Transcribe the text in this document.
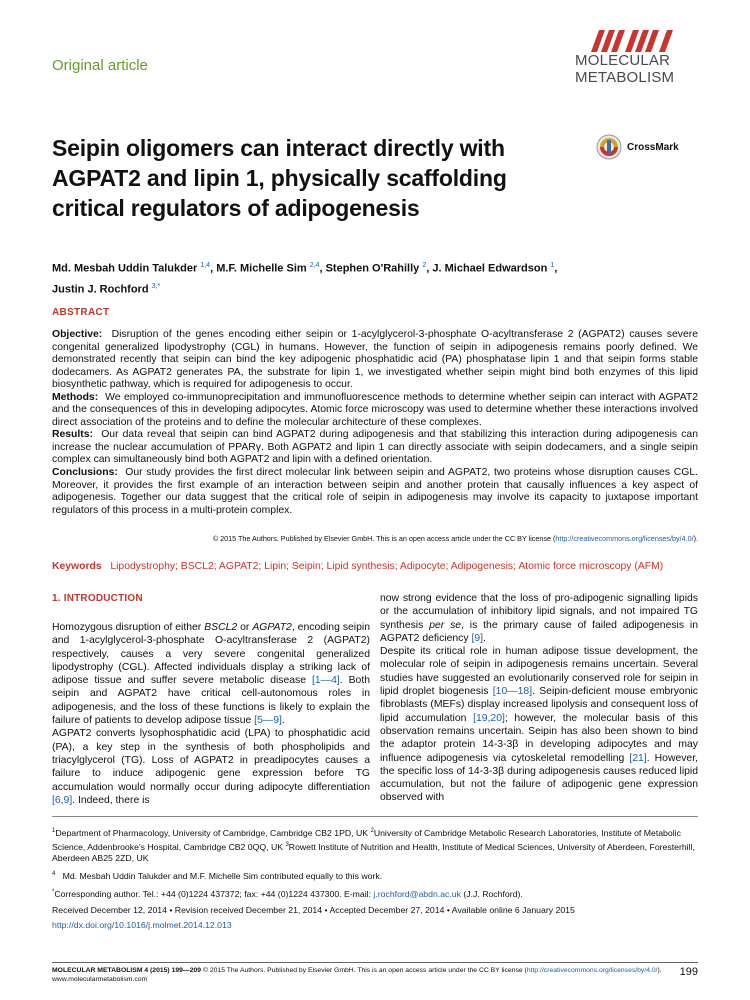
Original article	MOLECULAR
METABOLISM
Seipin oligomers can interact directly with AGPAT2 and lipin 1, physically scaffolding critical regulators of adipogenesis
CrossMark
Md. Mesbah Uddin Talukder $^{1,4}$, M.F. Michelle Sim $^{2,4}$, Stephen O'Rahilly $^2$, J. Michael Edwardson $^1$,
Justin J. Rochford $^{3,*}$
ABSTRACT

Objective: Disruption of the genes encoding either seipin or 1-acylglycerol-3-phosphate O-acyltransferase 2 (AGPAT2) causes severe congenital generalized lipodystrophy (CGL) in humans. However, the function of seipin in adipogenesis remains poorly defined. We demonstrated recently that seipin can bind the key adipogenic phosphatidic acid (PA) phosphatase lipin 1 and that seipin forms stable dodecamers. As AGPAT2 generates PA, the substrate for lipin 1, we investigated whether seipin might bind both enzymes of this lipid biosynthetic pathway, which is required for adipogenesis to occur.

Methods: We employed co-immunoprecipitation and immunofluorescence methods to determine whether seipin can interact with AGPAT2 and the consequences of this in developing adipocytes. Atomic force microscopy was used to determine whether these interactions involved direct association of the proteins and to define the molecular architecture of these complexes.

Results: Our data reveal that seipin can bind AGPAT2 during adipogenesis and that stabilizing this interaction during adipogenesis can increase the nuclear accumulation of PPARγ. Both AGPAT2 and lipin 1 can directly associate with seipin dodecamers, and a single seipin complex can simultaneously bind both AGPAT2 and lipin with a defined orientation.

Conclusions: Our study provides the first direct molecular link between seipin and AGPAT2, two proteins whose disruption causes CGL. Moreover, it provides the first example of an interaction between seipin and another protein that causally influences a key aspect of adipogenesis. Together our data suggest that the critical role of seipin in adipogenesis may involve its capacity to juxtapose important regulators of this process in a multi-protein complex.

© 2015 The Authors. Published by Elsevier GmbH. This is an open access article under the CC BY license (http://creativecommons.org/licenses/by/4.0/).
Keywords Lipodystrophy; BSCL2; AGPAT2; Lipin; Seipin; Lipid synthesis; Adipocyte; Adipogenesis; Atomic force microscopy (AFM)
1. INTRODUCTION

Homozygous disruption of either BSCL2 or AGPAT2, encoding seipin and 1-acylglycerol-3-phosphate O-acyltransferase 2 (AGPAT2) respectively, causes a very severe congenital generalized lipodystrophy (CGL). Affected individuals display a striking lack of adipose tissue and suffer severe metabolic disease [1—4]. Both seipin and AGPAT2 have critical cell-autonomous roles in adipogenesis, and the loss of these functions is likely to explain the failure of patients to develop adipose tissue [5—9].

AGPAT2 converts lysophosphatidic acid (LPA) to phosphatidic acid (PA), a key step in the synthesis of both phospholipids and triacylglycerol (TG). Loss of AGPAT2 in preadipocytes causes a failure to induce adipogenic gene expression before TG accumulation would normally occur during adipocyte differentiation [6,9]. Indeed, there is

now strong evidence that the loss of pro-adipogenic signalling lipids or the accumulation of inhibitory lipid signals, and not impaired TG synthesis per se, is the primary cause of failed adipogenesis in AGPAT2 deficiency [9].

Despite its critical role in human adipose tissue development, the molecular role of seipin in adipogenesis remains uncertain. Several studies have suggested an evolutionarily conserved role for seipin in lipid droplet biogenesis [10—18]. Seipin-deficient mouse embryonic fibroblasts (MEFs) display increased lipolysis and consequent loss of lipid accumulation [19,20]; however, the molecular basis of this observation remains uncertain. Seipin has also been shown to bind the adaptor protein 14-3-3β in developing adipocytes and may influence adipogenesis via cytoskeletal remodelling [21]. However, the specific loss of 14-3-3β during adipogenesis causes reduced lipid accumulation, but not the failure of adipogenic gene expression observed with

$^1$Department of Pharmacology, University of Cambridge, Cambridge CB2 1PD, UK $^2$University of Cambridge Metabolic Research Laboratories, Institute of Metabolic Science, Addenbrooke's Hospital, Cambridge CB2 0QQ, UK $^3$Rowett Institute of Nutrition and Health, Institute of Medical Sciences, University of Aberdeen, Foresterhill, Aberdeen AB25 2ZD, UK

$^4$ Md. Mesbah Uddin Talukder and M.F. Michelle Sim contributed equally to this work.

*Corresponding author. Tel.: +44 (0)1224 437372; fax: +44 (0)1224 437300. E-mail: j.rochford@abdn.ac.uk (J.J. Rochford).

Received December 12, 2014 • Revision received December 21, 2014 • Accepted December 27, 2014 • Available online 6 January 2015

http://dx.doi.org/10.1016/j.molmet.2014.12.013

MOLECULAR METABOLISM 4 (2015) 199—209 © 2015 The Authors. Published by Elsevier GmbH. This is an open access article under the CC BY license (http://creativecommons.org/licenses/by/4.0/).
www.molecularmetabolism.com
199
